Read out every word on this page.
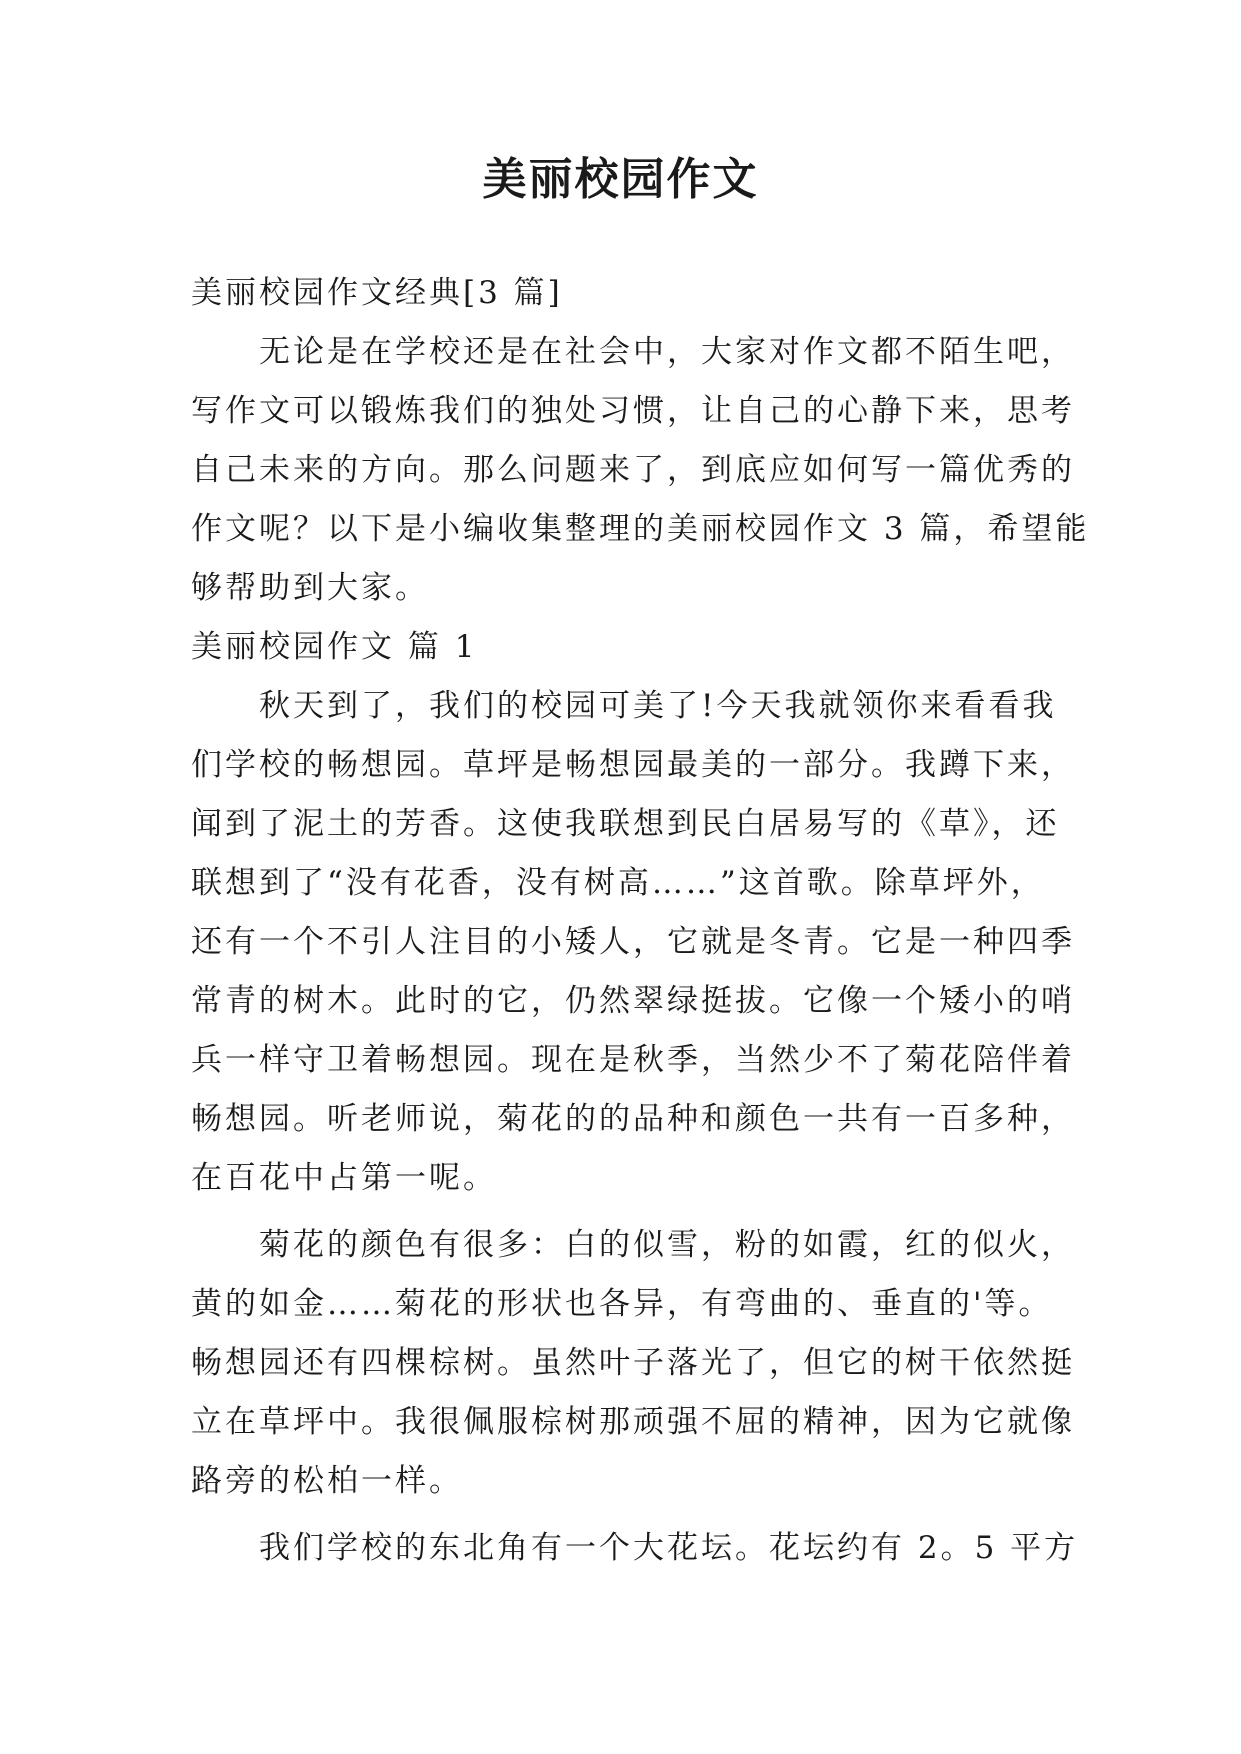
美丽校园作文
美丽校园作文经典[3 篇]
无论是在学校还是在社会中，大家对作文都不陌生吧，
写作文可以锻炼我们的独处习惯，让自己的心静下来，思考
自己未来的方向。那么问题来了，到底应如何写一篇优秀的
作文呢？以下是小编收集整理的美丽校园作文 3 篇，希望能
够帮助到大家。
美丽校园作文 篇 1
秋天到了，我们的校园可美了!今天我就领你来看看我
们学校的畅想园。草坪是畅想园最美的一部分。我蹲下来，
闻到了泥土的芳香。这使我联想到民白居易写的《草》，还
联想到了“没有花香，没有树高……”这首歌。除草坪外，
还有一个不引人注目的小矮人，它就是冬青。它是一种四季
常青的树木。此时的它，仍然翠绿挺拔。它像一个矮小的哨
兵一样守卫着畅想园。现在是秋季，当然少不了菊花陪伴着
畅想园。听老师说，菊花的的品种和颜色一共有一百多种，
在百花中占第一呢。
菊花的颜色有很多：白的似雪，粉的如霞，红的似火，
黄的如金……菊花的形状也各异，有弯曲的、垂直的'等。
畅想园还有四棵棕树。虽然叶子落光了，但它的树干依然挺
立在草坪中。我很佩服棕树那顽强不屈的精神，因为它就像
路旁的松柏一样。
我们学校的东北角有一个大花坛。花坛约有 2。5 平方
